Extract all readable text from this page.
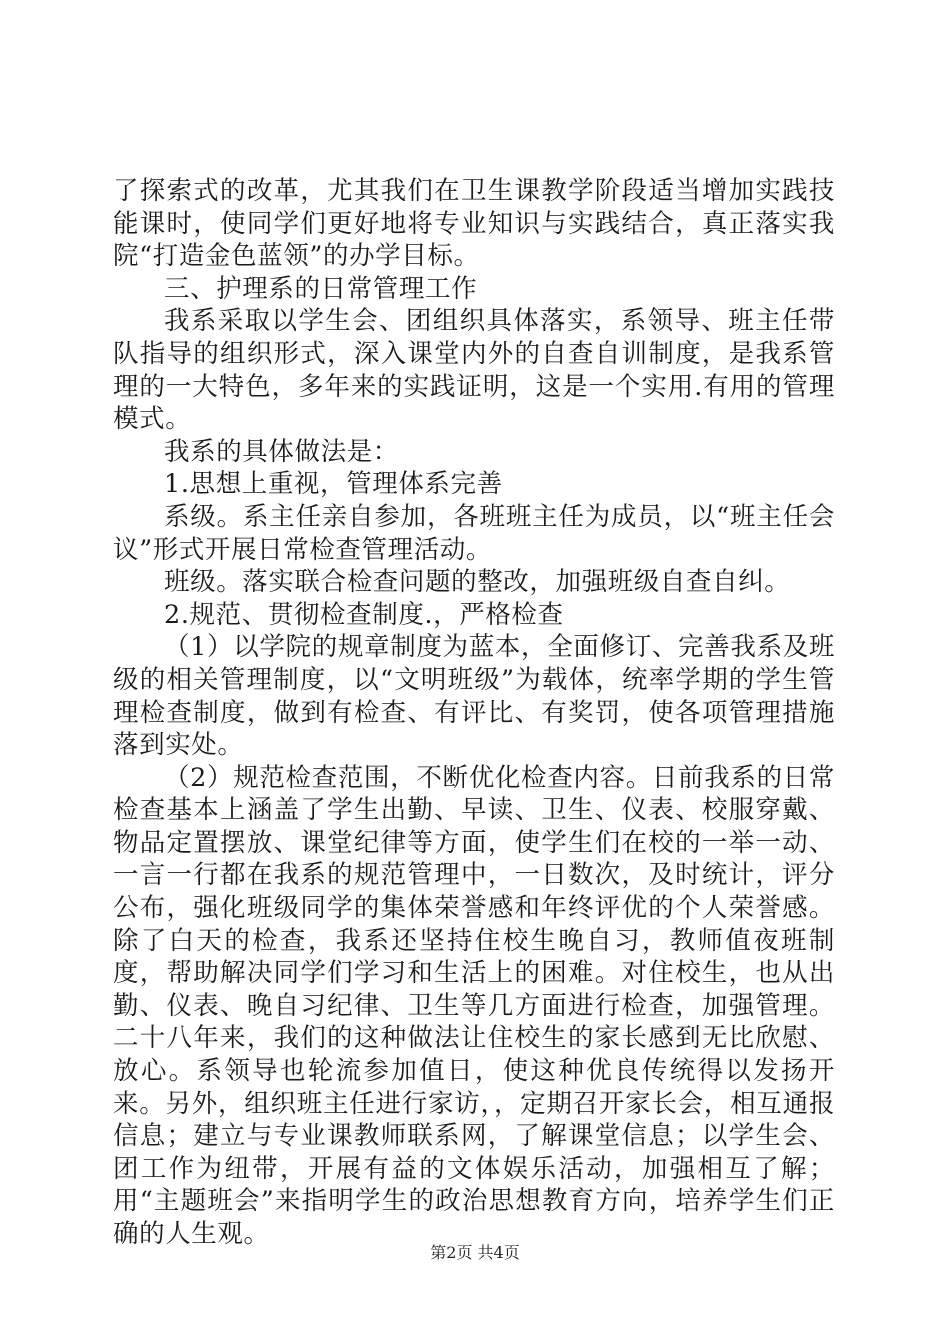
了探索式的改革，尤其我们在卫生课教学阶段适当增加实践技能课时，使同学们更好地将专业知识与实践结合，真正落实我院“打造金色蓝领”的办学目标。

三、护理系的日常管理工作

我系采取以学生会、团组织具体落实，系领导、班主任带队指导的组织形式，深入课堂内外的自查自训制度，是我系管理的一大特色，多年来的实践证明，这是一个实用.有用的管理模式。

我系的具体做法是：

1.思想上重视，管理体系完善

系级。系主任亲自参加，各班班主任为成员，以“班主任会议”形式开展日常检查管理活动。

班级。落实联合检查问题的整改，加强班级自查自纠。

2.规范、贯彻检查制度.，严格检查

（1）以学院的规章制度为蓝本，全面修订、完善我系及班级的相关管理制度，以“文明班级”为载体，统率学期的学生管理检查制度，做到有检查、有评比、有奖罚，使各项管理措施落到实处。

（2）规范检查范围，不断优化检查内容。日前我系的日常检查基本上涵盖了学生出勤、早读、卫生、仪表、校服穿戴、物品定置摆放、课堂纪律等方面，使学生们在校的一举一动、一言一行都在我系的规范管理中，一日数次，及时统计，评分公布，强化班级同学的集体荣誉感和年终评优的个人荣誉感。除了白天的检查，我系还坚持住校生晚自习，教师值夜班制度，帮助解决同学们学习和生活上的困难。对住校生，也从出勤、仪表、晚自习纪律、卫生等几方面进行检查，加强管理。二十八年来，我们的这种做法让住校生的家长感到无比欣慰、放心。系领导也轮流参加值日，使这种优良传统得以发扬开来。另外，组织班主任进行家访，，定期召开家长会，相互通报信息；建立与专业课教师联系网，了解课堂信息；以学生会、团工作为纽带，开展有益的文体娱乐活动，加强相互了解；用“主题班会”来指明学生的政治思想教育方向，培养学生们正确的人生观。

第2页 共4页
